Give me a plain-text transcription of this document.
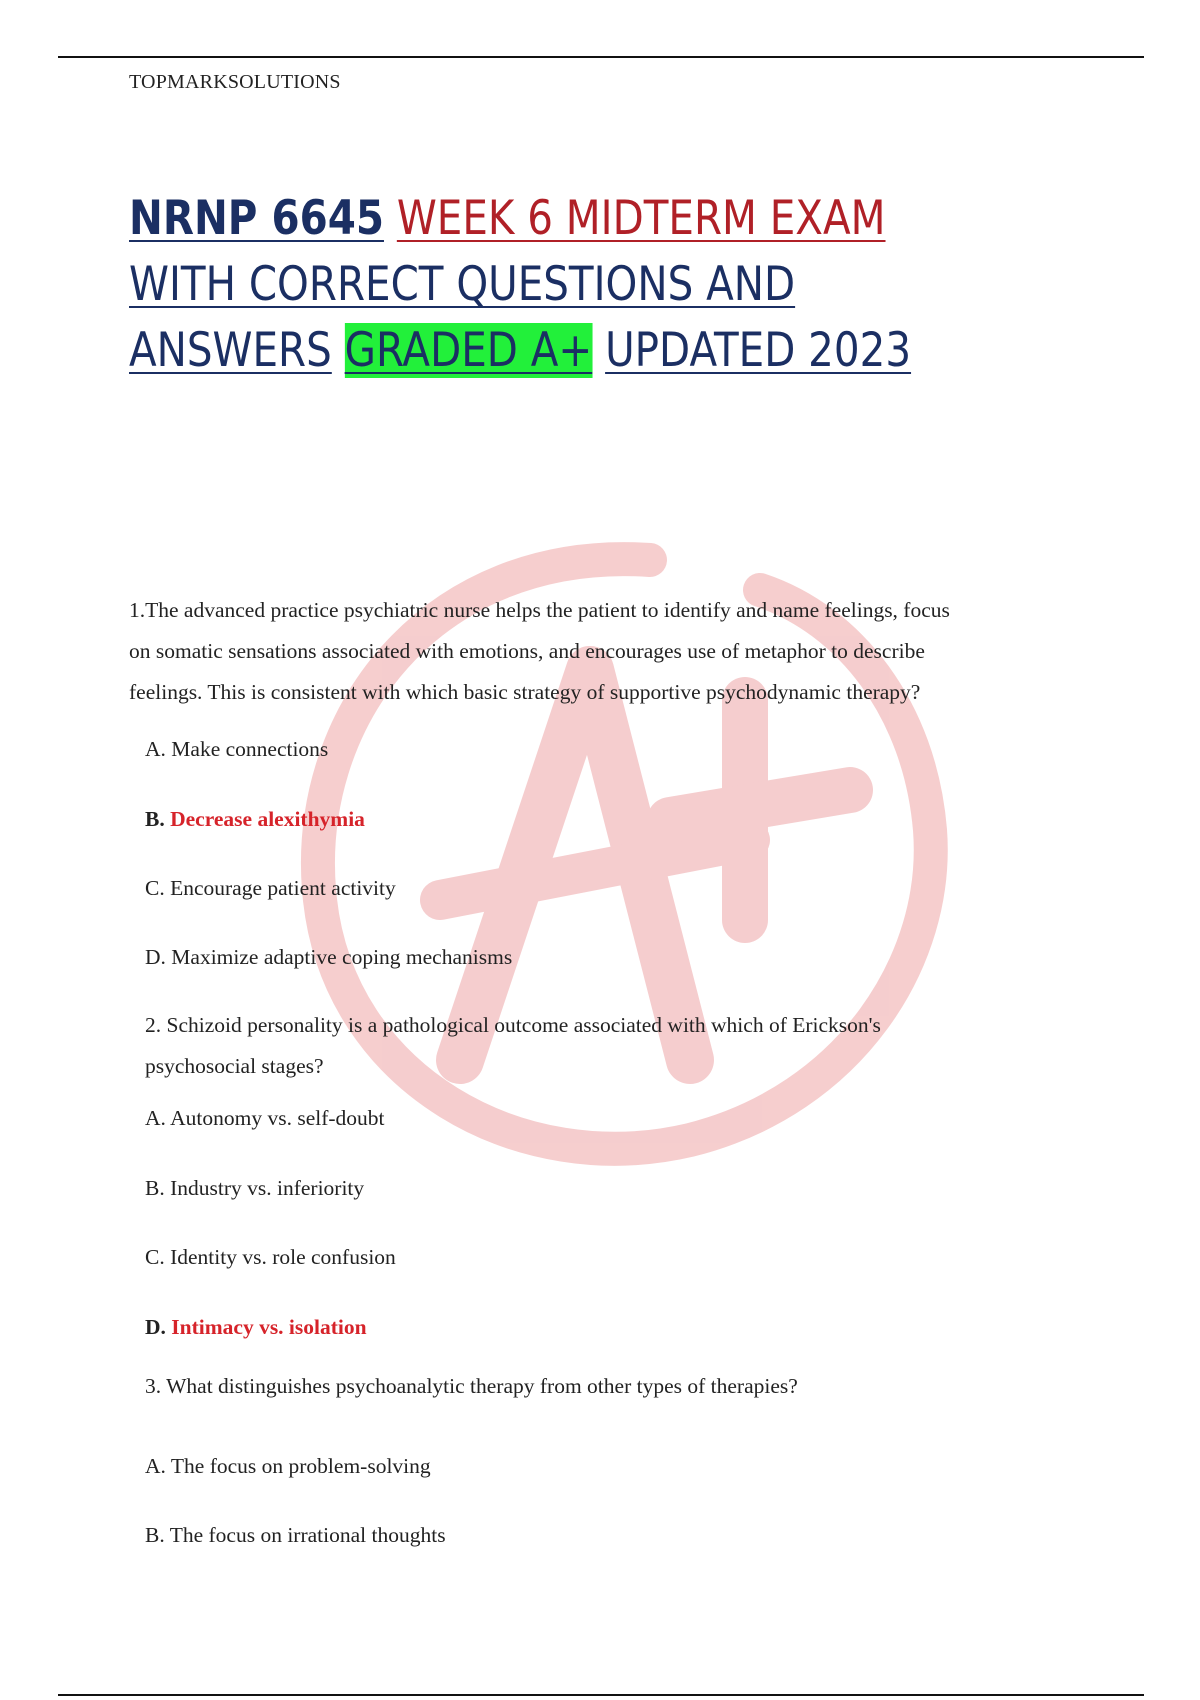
TOPMARKSOLUTIONS
NRNP 6645 WEEK 6 MIDTERM EXAM
WITH CORRECT QUESTIONS AND
ANSWERS GRADED A+ UPDATED 2023

1.The advanced practice psychiatric nurse helps the patient to identify and name feelings, focus

on somatic sensations associated with emotions, and encourages use of metaphor to describe

feelings. This is consistent with which basic strategy of supportive psychodynamic therapy?

A. Make connections

B. Decrease alexithymia

C. Encourage patient activity

D. Maximize adaptive coping mechanisms

2. Schizoid personality is a pathological outcome associated with which of Erickson's

psychosocial stages?

A. Autonomy vs. self-doubt

B. Industry vs. inferiority

C. Identity vs. role confusion

D. Intimacy vs. isolation

3. What distinguishes psychoanalytic therapy from other types of therapies?

A. The focus on problem-solving

B. The focus on irrational thoughts
